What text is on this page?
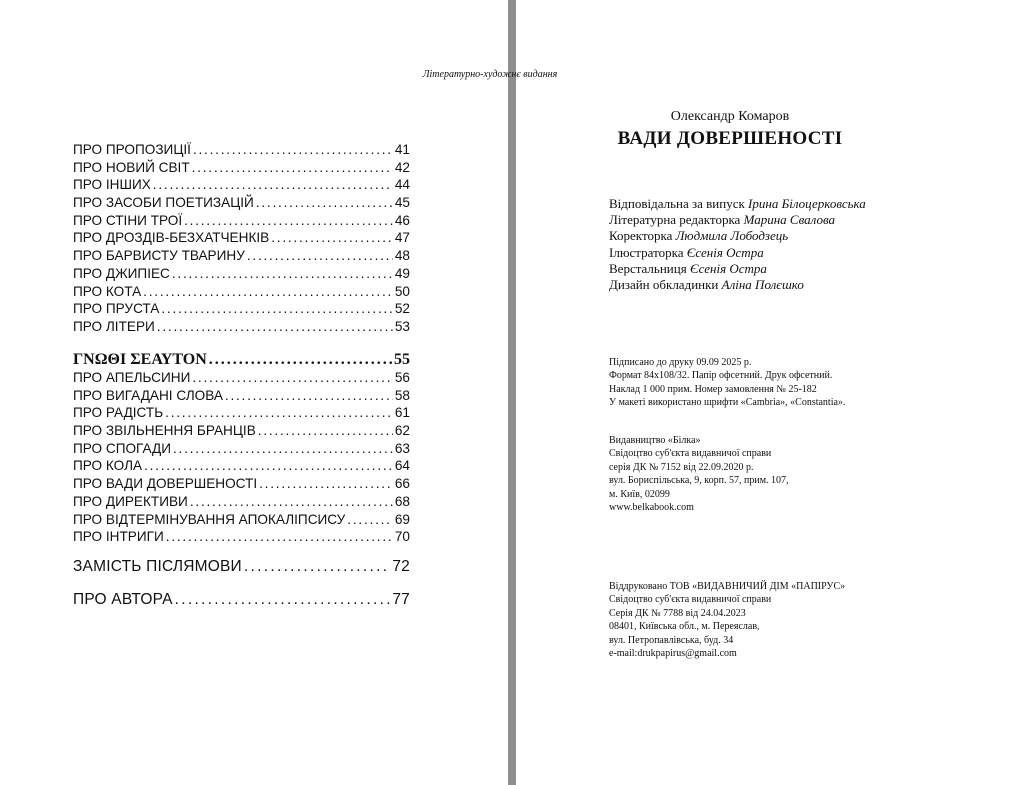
ПРО ПРОПОЗИЦІЇ . . .	41
ПРО НОВИЙ СВІТ . . .	42
ПРО ІНШИХ . . .	44
ПРО ЗАСОБИ ПОЕТИЗАЦІЙ . . .	45
ПРО СТІНИ ТРОЇ . . .	46
ПРО ДРОЗДІВ-БЕЗХАТЧЕНКІВ . . .	47
ПРО БАРВИСТУ ТВАРИНУ . . .	48
ПРО ДЖИПІЕС . . .	49
ПРО КОТА . . .	50
ПРО ПРУСТА . . .	52
ПРО ЛІТЕРИ . . .	53
ΓΝΩΘΙ ΣΕΑΥΤΟΝ . . .	55
ПРО АПЕЛЬСИНИ . . .	56
ПРО ВИГАДАНІ СЛОВА . . .	58
ПРО РАДІСТЬ . . .	61
ПРО ЗВІЛЬНЕННЯ БРАНЦІВ . . .	62
ПРО СПОГАДИ . . .	63
ПРО КОЛА . . .	64
ПРО ВАДИ ДОВЕРШЕНОСТІ . . .	66
ПРО ДИРЕКТИВИ . . .	68
ПРО ВІДТЕРМІНУВАННЯ АПОКАЛІПСИСУ . . .	69
ПРО ІНТРИГИ . . .	70
ЗАМІСТЬ ПІСЛЯМОВИ . . .	72
ПРО АВТОРА . . .	77
Літературно-художнє видання
Олександр Комаров
ВАДИ ДОВЕРШЕНОСТІ
Відповідальна за випуск Ірина Білоцерковська
Літературна редакторка Марина Свалова
Коректорка Людмила Лободзець
Ілюстраторка Єсенія Остра
Верстальниця Єсенія Остра
Дизайн обкладинки Аліна Полєшко
Підписано до друку 09.09 2025 р.
Формат 84х108/32. Папір офсетний. Друк офсетний.
Наклад 1 000 прим. Номер замовлення № 25-182
У макеті використано шрифти «Cambria», «Constantia».
Видавництво «Білка»
Свідоцтво суб'єкта видавничої справи
серія ДК № 7152 від 22.09.2020 р.
вул. Бориспільська, 9, корп. 57, прим. 107,
м. Київ, 02099
www.belkabook.com
Віддруковано ТОВ «ВИДАВНИЧИЙ ДІМ «ПАПІРУС»
Свідоцтво суб'єкта видавничої справи
Серія ДК № 7788 від 24.04.2023
08401, Київська обл., м. Переяслав,
вул. Петропавлівська, буд. 34
e-mail:drukpapirus@gmail.com
